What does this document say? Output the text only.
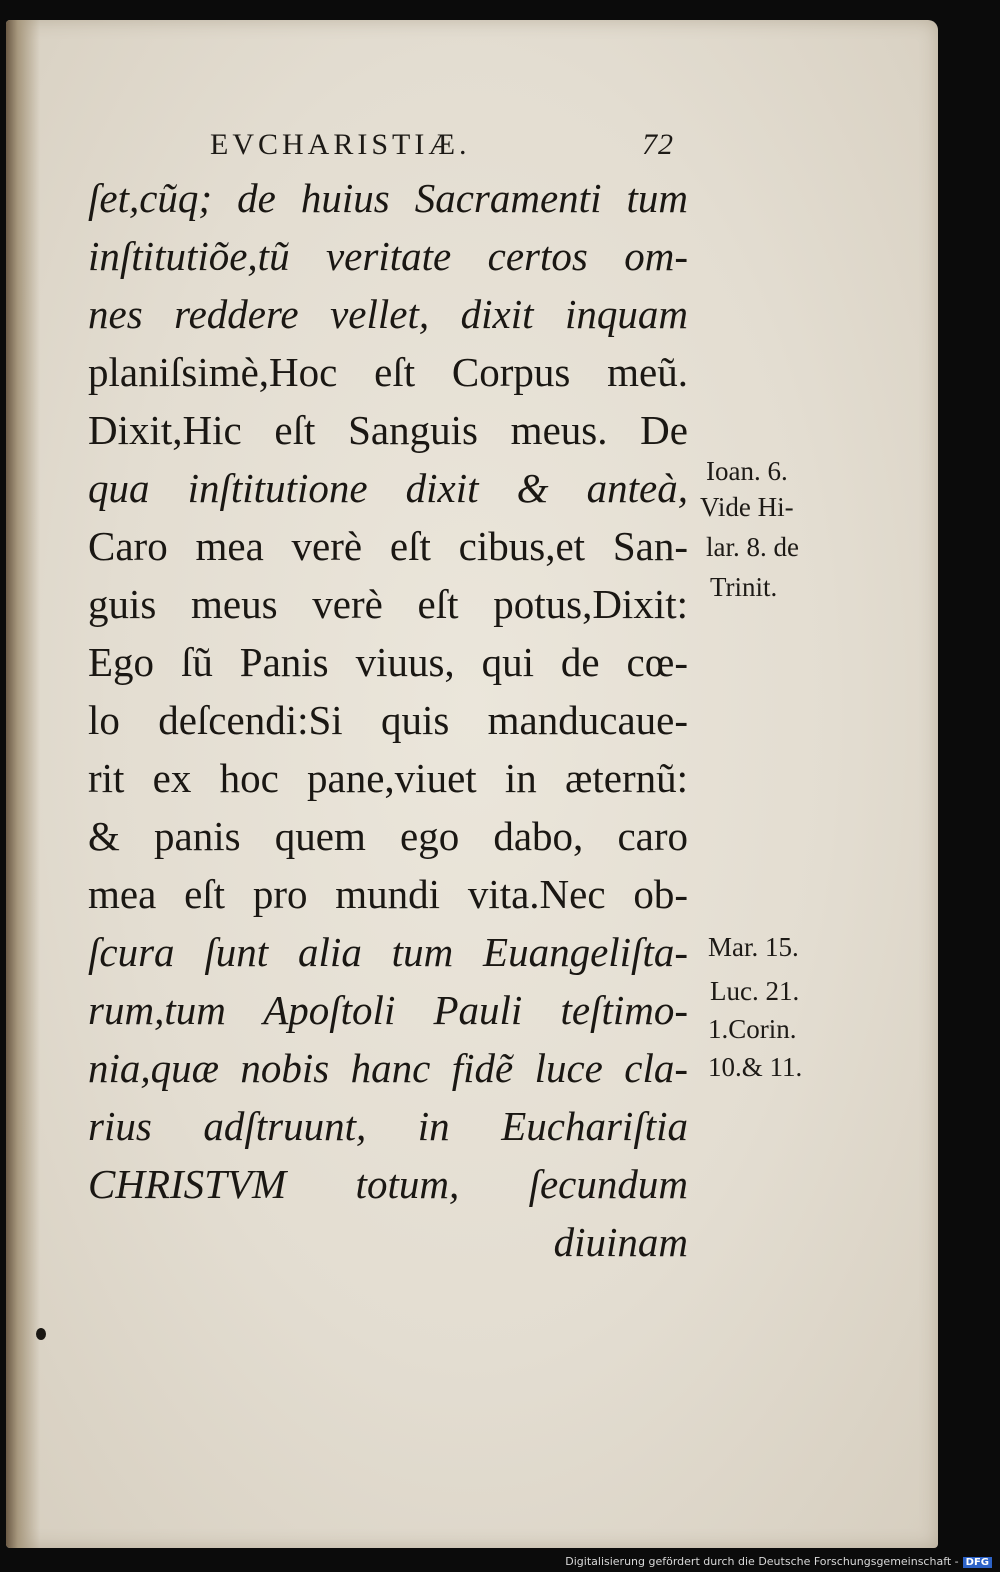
EVCHARISTIÆ.	72
ſet,cũq; de huius Sacramenti tum
inſtitutiõe,tũ veritate certos om-
nes reddere vellet, dixit inquam
planiſsimè,Hoc eſt Corpus meũ.
Dixit,Hic eſt Sanguis meus. De
qua inſtitutione dixit & anteà,
Caro mea verè eſt cibus,et San-
guis meus verè eſt potus,Dixit:
Ego ſũ Panis viuus, qui de cœ-
lo deſcendi:Si quis manducaue-
rit ex hoc pane,viuet in æternũ:
& panis quem ego dabo, caro
mea eſt pro mundi vita.Nec ob-
ſcura ſunt alia tum Euangeliſta-
rum,tum Apoſtoli Pauli teſtimo-
nia,quæ nobis hanc fidẽ luce cla-
rius adſtruunt, in Euchariſtia
CHRISTVM totum, ſecundum
diuinam
Ioan. 6.
Vide Hi-
lar. 8. de
Trinit.
Mar. 15.
Luc. 21.
1.Corin.
10.& 11.
Digitalisierung gefördert durch die Deutsche Forschungsgemeinschaft - DFG
